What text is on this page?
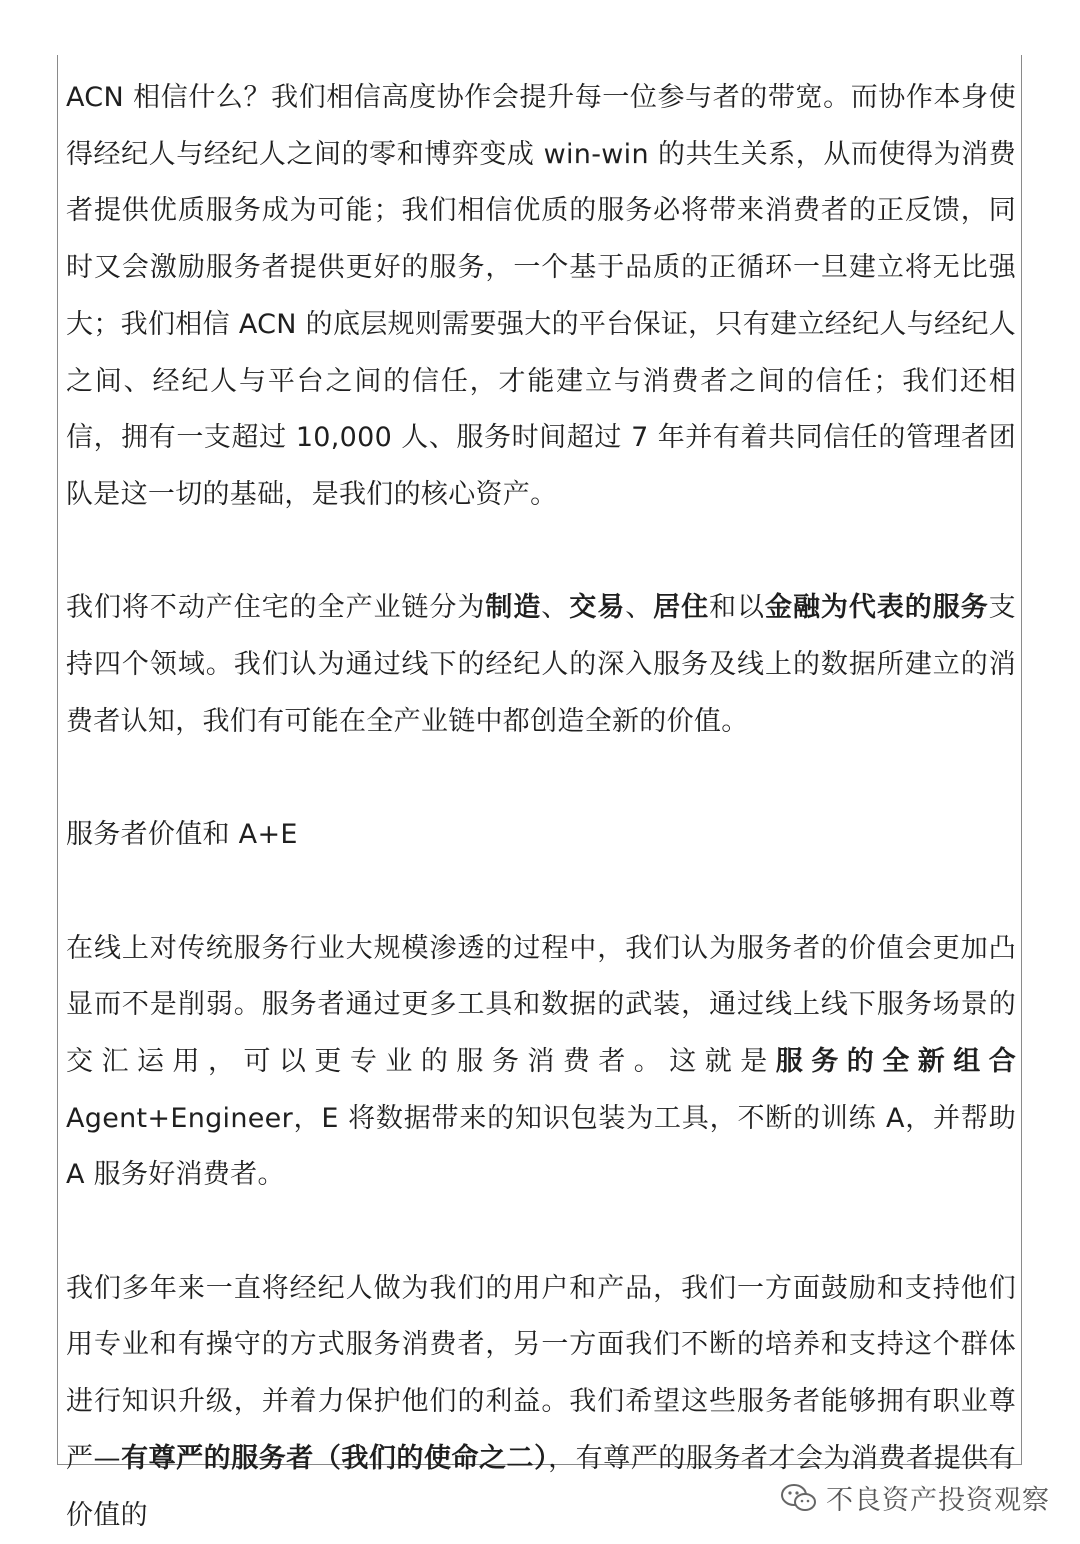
ACN 相信什么？我们相信高度协作会提升每一位参与者的带宽。而协作本身使得经纪人与经纪人之间的零和博弈变成 win-win 的共生关系，从而使得为消费者提供优质服务成为可能；我们相信优质的服务必将带来消费者的正反馈，同时又会激励服务者提供更好的服务，一个基于品质的正循环一旦建立将无比强大；我们相信 ACN 的底层规则需要强大的平台保证，只有建立经纪人与经纪人之间、经纪人与平台之间的信任，才能建立与消费者之间的信任；我们还相信，拥有一支超过 10,000 人、服务时间超过 7 年并有着共同信任的管理者团队是这一切的基础，是我们的核心资产。

我们将不动产住宅的全产业链分为制造、交易、居住和以金融为代表的服务支持四个领域。我们认为通过线下的经纪人的深入服务及线上的数据所建立的消费者认知，我们有可能在全产业链中都创造全新的价值。

服务者价值和 A+E

在线上对传统服务行业大规模渗透的过程中，我们认为服务者的价值会更加凸显而不是削弱。服务者通过更多工具和数据的武装，通过线上线下服务场景的交汇运用，可以更专业的服务消费者。这就是服务的全新组合 Agent+Engineer，E 将数据带来的知识包装为工具，不断的训练 A，并帮助 A 服务好消费者。

我们多年来一直将经纪人做为我们的用户和产品，我们一方面鼓励和支持他们用专业和有操守的方式服务消费者，另一方面我们不断的培养和支持这个群体进行知识升级，并着力保护他们的利益。我们希望这些服务者能够拥有职业尊严—有尊严的服务者（我们的使命之二），有尊严的服务者才会为消费者提供有价值的	不良资产投资观察
